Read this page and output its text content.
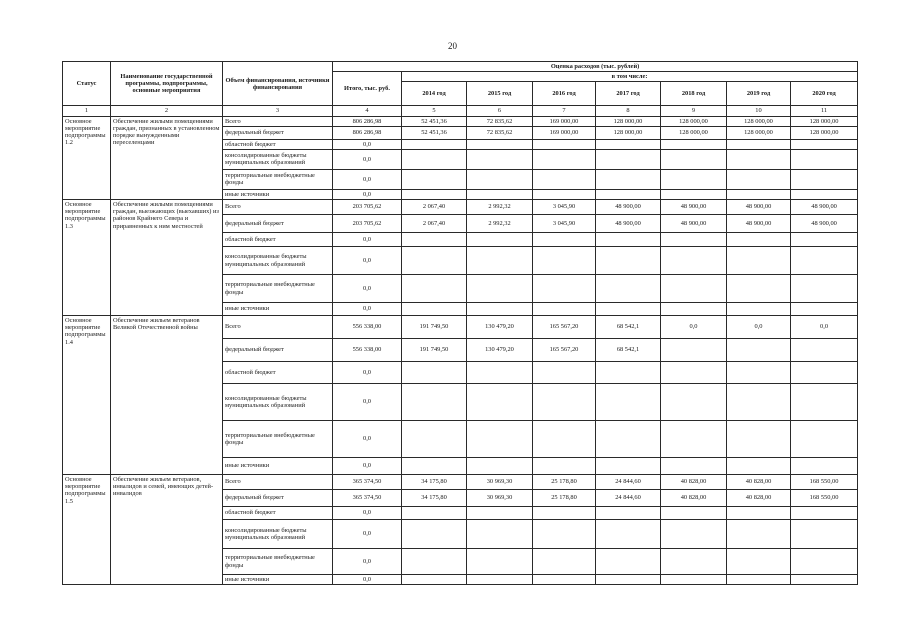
20
Статус	Наименование государственной программы, подпрограммы, основные мероприятия	Объем финансирования, источники финансирования	Оценка расходов (тыс. рублей)							
			Итого, тыс. руб.	в том числе:						
				2014 год	2015 год	2016 год	2017 год	2018 год	2019 год	2020 год
1	2	3	4	5	6	7	8	9	10	11
Основное мероприятие подпрограммы 1.2	Обеспечение жилыми помещениями граждан, признанных в установленном порядке вынужденными переселенцами	Всего	806 286,98	52 451,36	72 835,62	169 000,00	128 000,00	128 000,00	128 000,00	128 000,00
		федеральный бюджет	806 286,98	52 451,36	72 835,62	169 000,00	128 000,00	128 000,00	128 000,00	128 000,00
		областной бюджет	0,0							
		консолидированные бюджеты муниципальных образований	0,0							
		территориальные внебюджетные фонды	0,0							
		иные источники	0,0							
Основное мероприятие подпрограммы 1.3	Обеспечение жилыми помещениями граждан, выезжающих (выехавших) из районов Крайнего Севера и приравненных к ним местностей	Всего	203 705,62	2 067,40	2 992,32	3 045,90	48 900,00	48 900,00	48 900,00	48 900,00
		федеральный бюджет	203 705,62	2 067,40	2 992,32	3 045,90	48 900,00	48 900,00	48 900,00	48 900,00
		областной бюджет	0,0							
		консолидированные бюджеты муниципальных образований	0,0							
		территориальные внебюджетные фонды	0,0							
		иные источники	0,0							
Основное мероприятие подпрограммы 1.4	Обеспечение жильем ветеранов Великой Отечественной войны	Всего	556 338,00	191 749,50	130 479,20	165 567,20	68 542,1	0,0	0,0	0,0
		федеральный бюджет	556 338,00	191 749,50	130 479,20	165 567,20	68 542,1			
		областной бюджет	0,0							
		консолидированные бюджеты муниципальных образований	0,0							
		территориальные внебюджетные фонды	0,0							
		иные источники	0,0							
Основное мероприятие подпрограммы 1.5	Обеспечение жильем ветеранов, инвалидов и семей, имеющих детей-инвалидов	Всего	365 374,50	34 175,80	30 969,30	25 178,80	24 844,60	40 828,00	40 828,00	168 550,00
		федеральный бюджет	365 374,50	34 175,80	30 969,30	25 178,80	24 844,60	40 828,00	40 828,00	168 550,00
		областной бюджет	0,0							
		консолидированные бюджеты муниципальных образований	0,0							
		территориальные внебюджетные фонды	0,0							
		иные источники	0,0							
